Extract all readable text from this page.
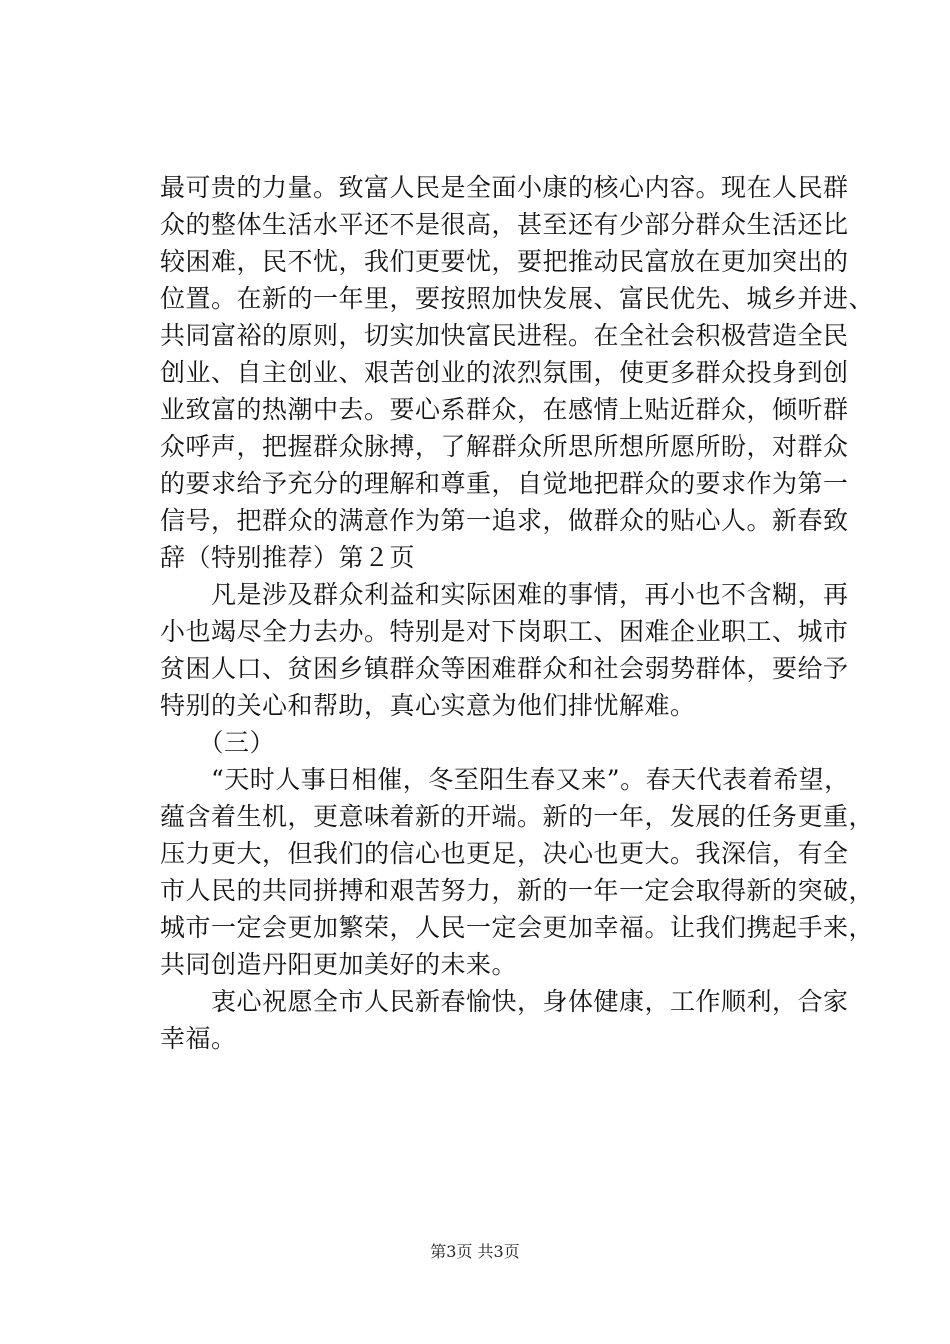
最可贵的力量。致富人民是全面小康的核心内容。现在人民群
众的整体生活水平还不是很高，甚至还有少部分群众生活还比
较困难，民不忧，我们更要忧，要把推动民富放在更加突出的
位置。在新的一年里，要按照加快发展、富民优先、城乡并进、
共同富裕的原则，切实加快富民进程。在全社会积极营造全民
创业、自主创业、艰苦创业的浓烈氛围，使更多群众投身到创
业致富的热潮中去。要心系群众，在感情上贴近群众，倾听群
众呼声，把握群众脉搏，了解群众所思所想所愿所盼，对群众
的要求给予充分的理解和尊重，自觉地把群众的要求作为第一
信号，把群众的满意作为第一追求，做群众的贴心人。新春致
辞（特别推荐）第２页
　　凡是涉及群众利益和实际困难的事情，再小也不含糊，再
小也竭尽全力去办。特别是对下岗职工、困难企业职工、城市
贫困人口、贫困乡镇群众等困难群众和社会弱势群体，要给予
特别的关心和帮助，真心实意为他们排忧解难。
　　（三）
　　“天时人事日相催，冬至阳生春又来”。春天代表着希望，
蕴含着生机，更意味着新的开端。新的一年，发展的任务更重，
压力更大，但我们的信心也更足，决心也更大。我深信，有全
市人民的共同拼搏和艰苦努力，新的一年一定会取得新的突破，
城市一定会更加繁荣，人民一定会更加幸福。让我们携起手来，
共同创造丹阳更加美好的未来。
　　衷心祝愿全市人民新春愉快，身体健康，工作顺利，合家
幸福。
第3页 共3页
